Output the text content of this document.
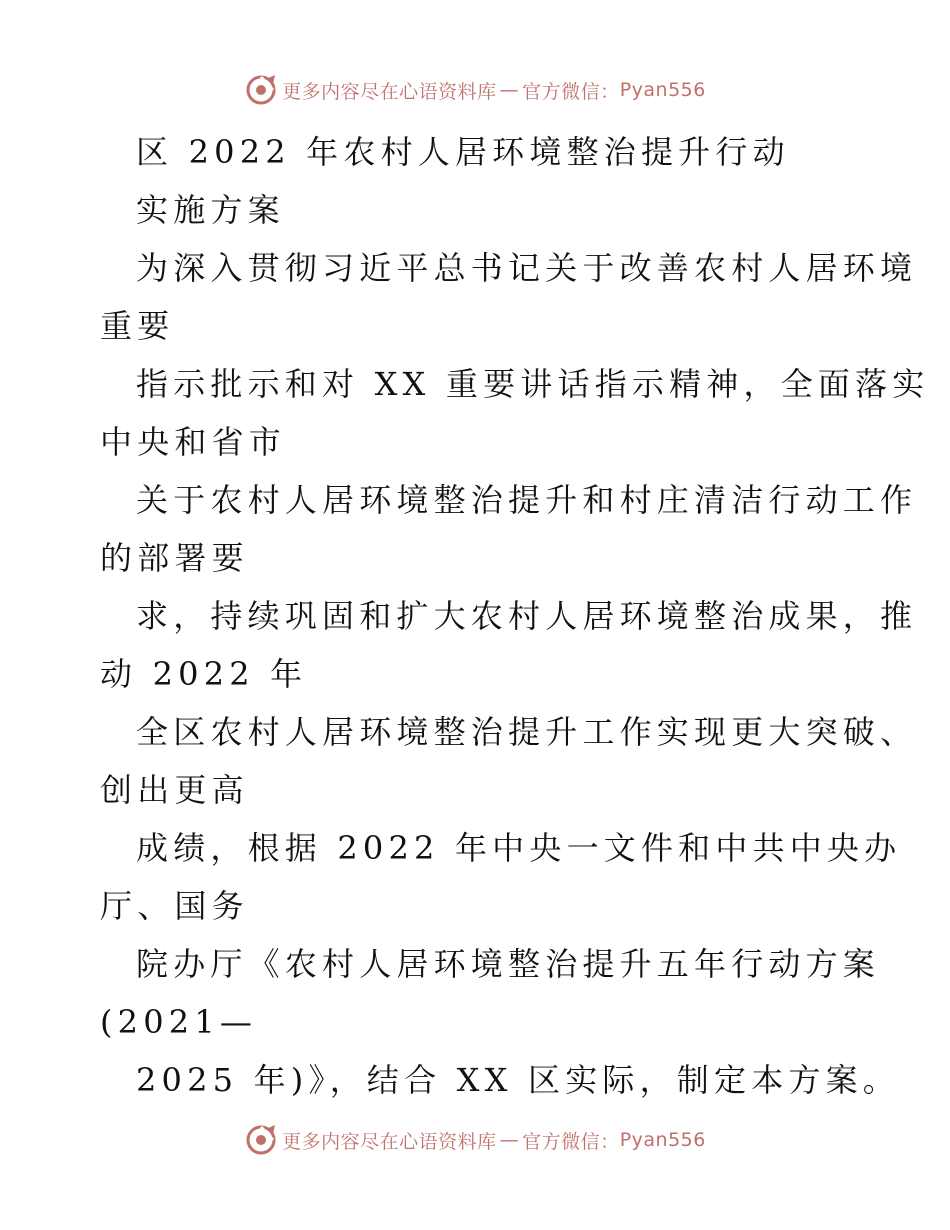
更多内容尽在心语资料库 — 官方微信： Pyan556
区 2022 年农村人居环境整治提升行动
实施方案
为深入贯彻习近平总书记关于改善农村人居环境
重要
指示批示和对 XX 重要讲话指示精神，全面落实
中央和省市
关于农村人居环境整治提升和村庄清洁行动工作
的部署要
求，持续巩固和扩大农村人居环境整治成果，推
动 2022 年
全区农村人居环境整治提升工作实现更大突破、
创出更高
成绩，根据 2022 年中央一文件和中共中央办
厅、国务
院办厅《农村人居环境整治提升五年行动方案
(2021—
2025 年)》，结合 XX 区实际，制定本方案。
更多内容尽在心语资料库 — 官方微信： Pyan556
